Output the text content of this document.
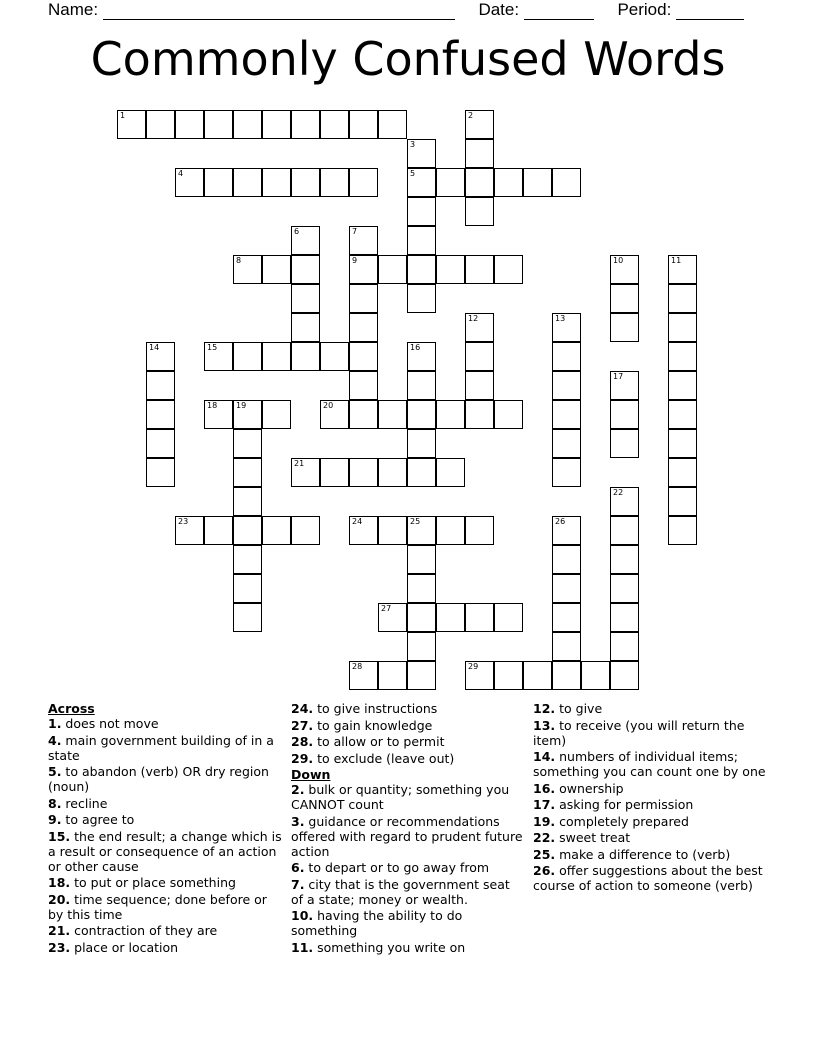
Name:	Date:	Period:
Commonly Confused Words
1	2
3
5
4
6	7
9
8	10	11
12	13
14	15	16
17
18 19	20
21
22
23	24	25	26
27
28	29
Across
1. does not move
4. main government building of in a state
5. to abandon (verb) OR dry region (noun)
8. recline
9. to agree to
15. the end result; a change which is a result or consequence of an action or other cause
18. to put or place something
20. time sequence; done before or by this time
21. contraction of they are
23. place or location
24. to give instructions
27. to gain knowledge
28. to allow or to permit
29. to exclude (leave out)
Down
2. bulk or quantity; something you CANNOT count
3. guidance or recommendations offered with regard to prudent future action
6. to depart or to go away from
7. city that is the government seat of a state; money or wealth.
10. having the ability to do something
11. something you write on
12. to give
13. to receive (you will return the item)
14. numbers of individual items; something you can count one by one
16. ownership
17. asking for permission
19. completely prepared
22. sweet treat
25. make a difference to (verb)
26. offer suggestions about the best course of action to someone (verb)
